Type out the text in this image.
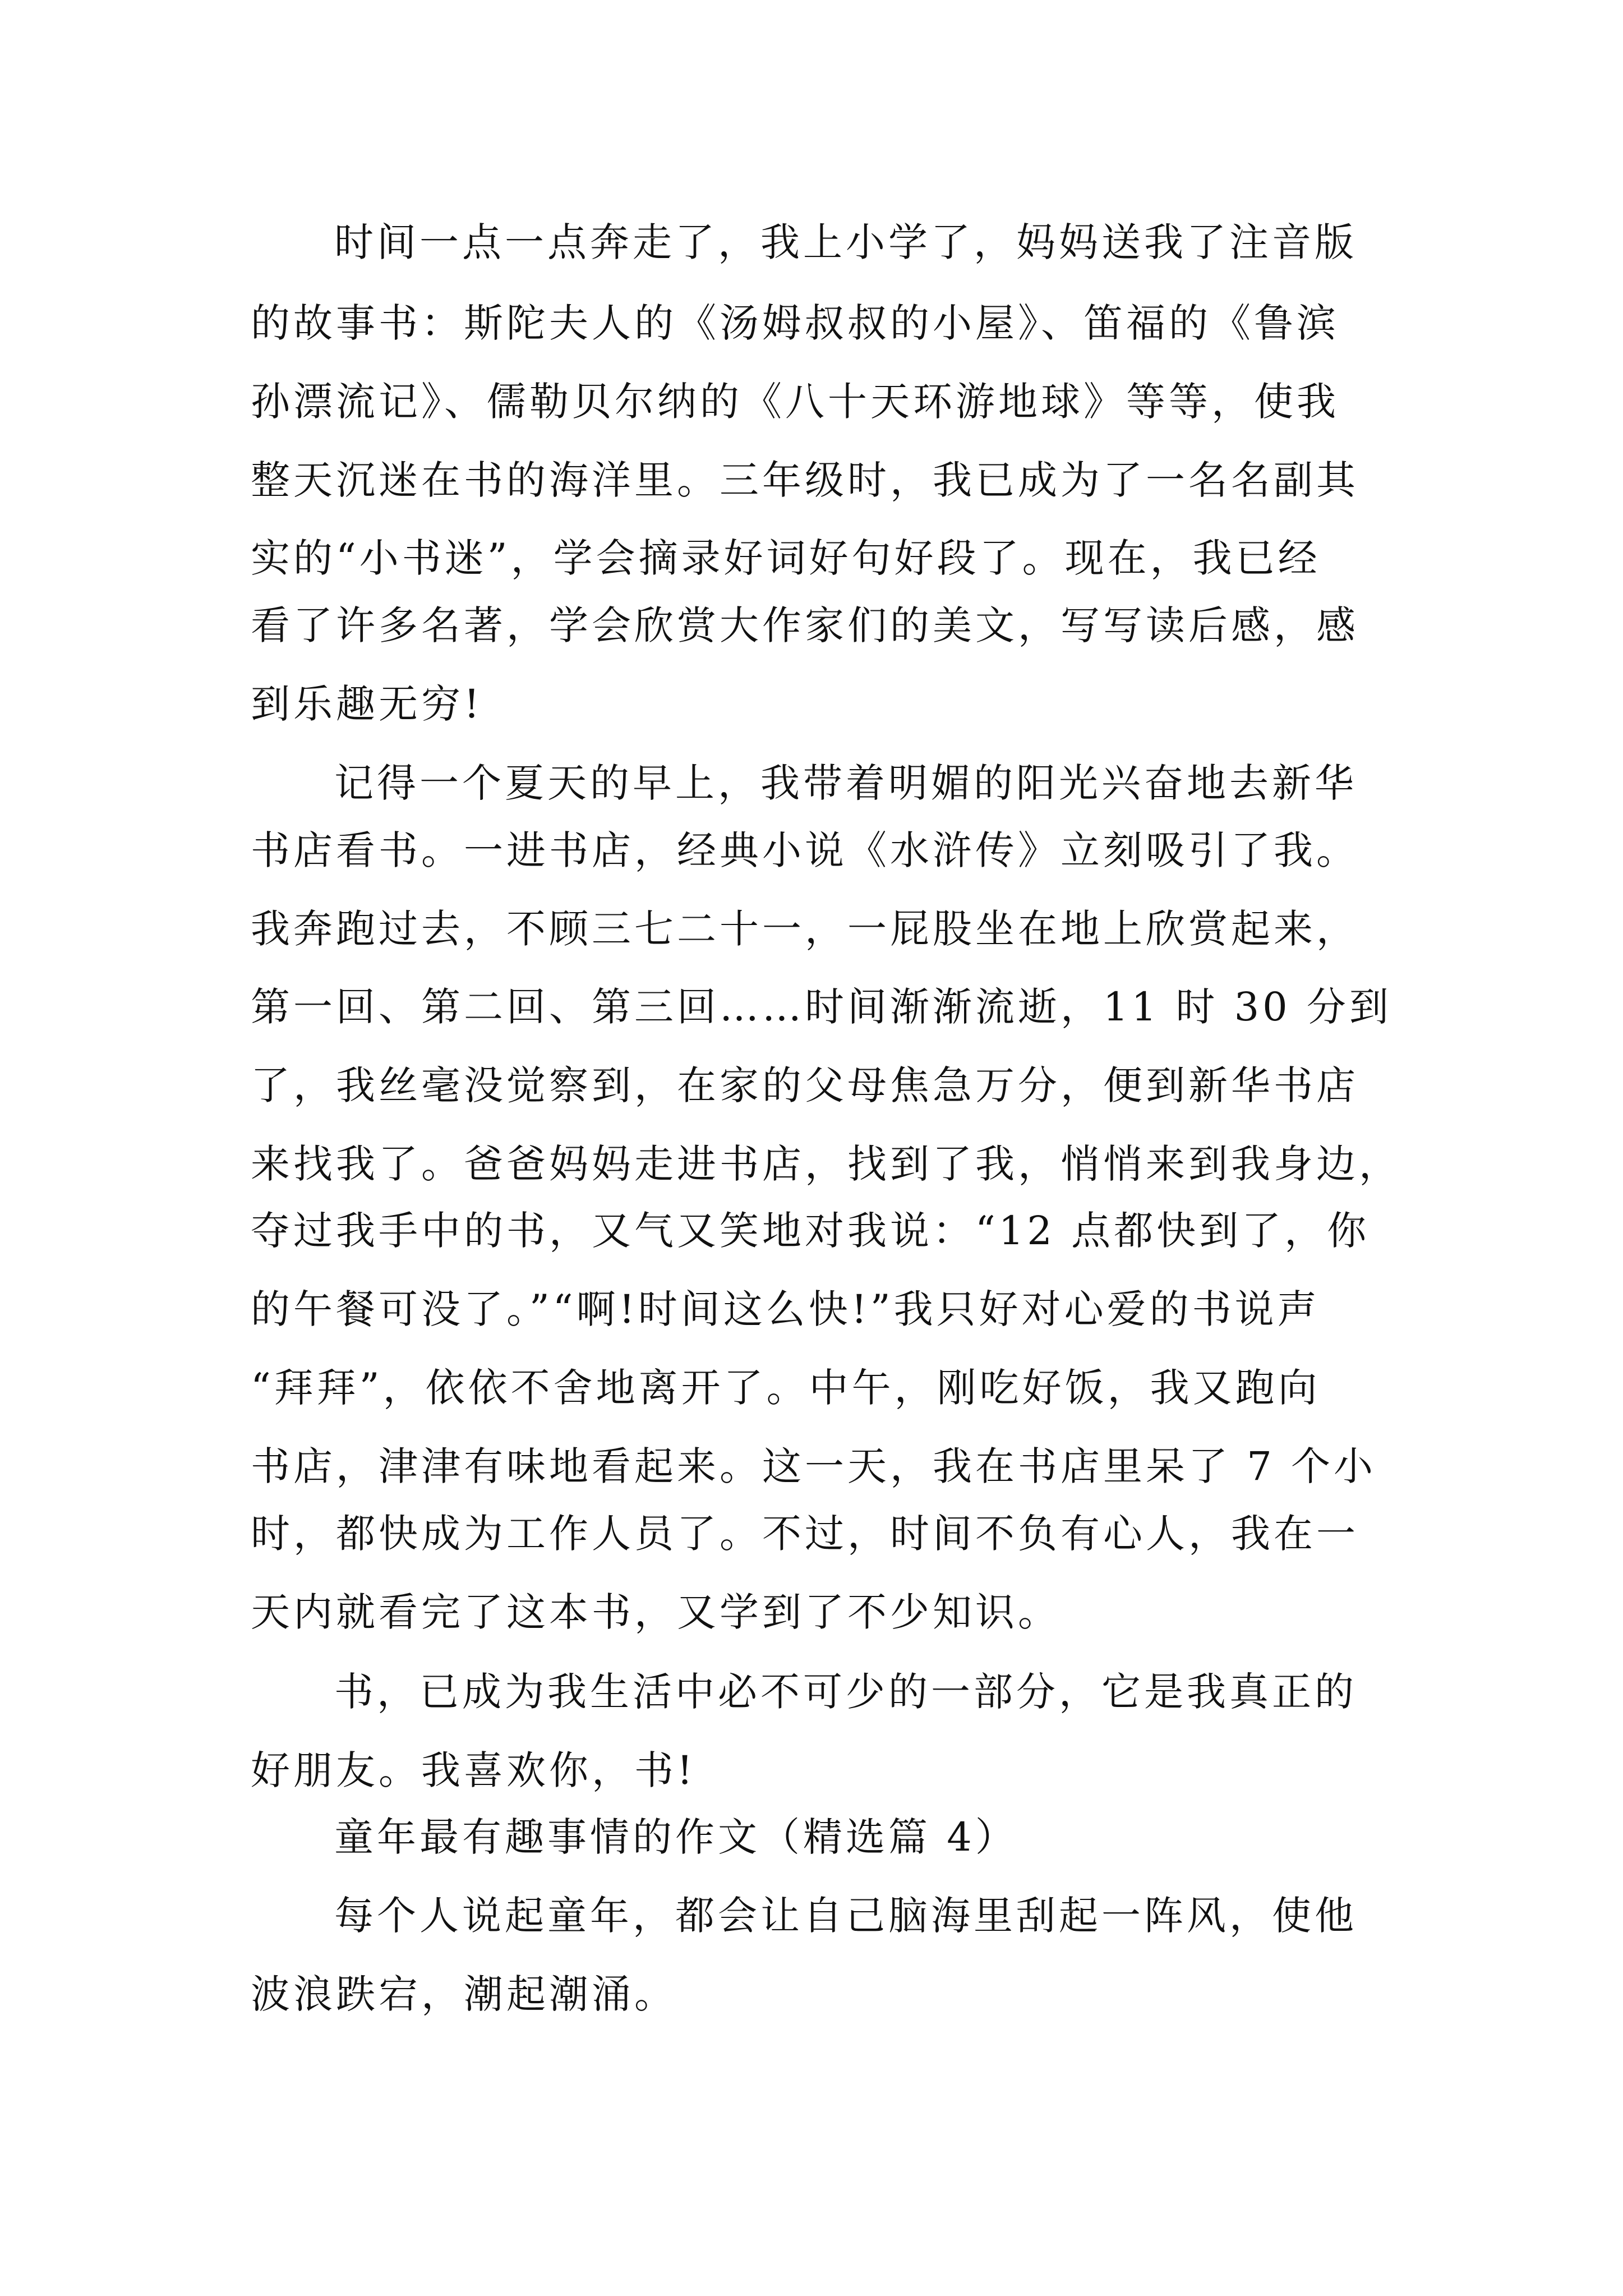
时间一点一点奔走了，我上小学了，妈妈送我了注音版
的故事书：斯陀夫人的《汤姆叔叔的小屋》、笛福的《鲁滨
孙漂流记》、儒勒贝尔纳的《八十天环游地球》等等，使我
整天沉迷在书的海洋里。三年级时，我已成为了一名名副其
实的“小书迷”，学会摘录好词好句好段了。现在，我已经
看了许多名著，学会欣赏大作家们的美文，写写读后感，感
到乐趣无穷!
记得一个夏天的早上，我带着明媚的阳光兴奋地去新华
书店看书。一进书店，经典小说《水浒传》立刻吸引了我。
我奔跑过去，不顾三七二十一，一屁股坐在地上欣赏起来，
第一回、第二回、第三回……时间渐渐流逝，11 时 30 分到
了，我丝毫没觉察到，在家的父母焦急万分，便到新华书店
来找我了。爸爸妈妈走进书店，找到了我，悄悄来到我身边，
夺过我手中的书，又气又笑地对我说：“12 点都快到了，你
的午餐可没了。”“啊!时间这么快!”我只好对心爱的书说声
“拜拜”，依依不舍地离开了。中午，刚吃好饭，我又跑向
书店，津津有味地看起来。这一天，我在书店里呆了 7 个小
时，都快成为工作人员了。不过，时间不负有心人，我在一
天内就看完了这本书，又学到了不少知识。
书，已成为我生活中必不可少的一部分，它是我真正的
好朋友。我喜欢你，书!
童年最有趣事情的作文（精选篇 4）
每个人说起童年，都会让自己脑海里刮起一阵风，使他
波浪跌宕，潮起潮涌。
